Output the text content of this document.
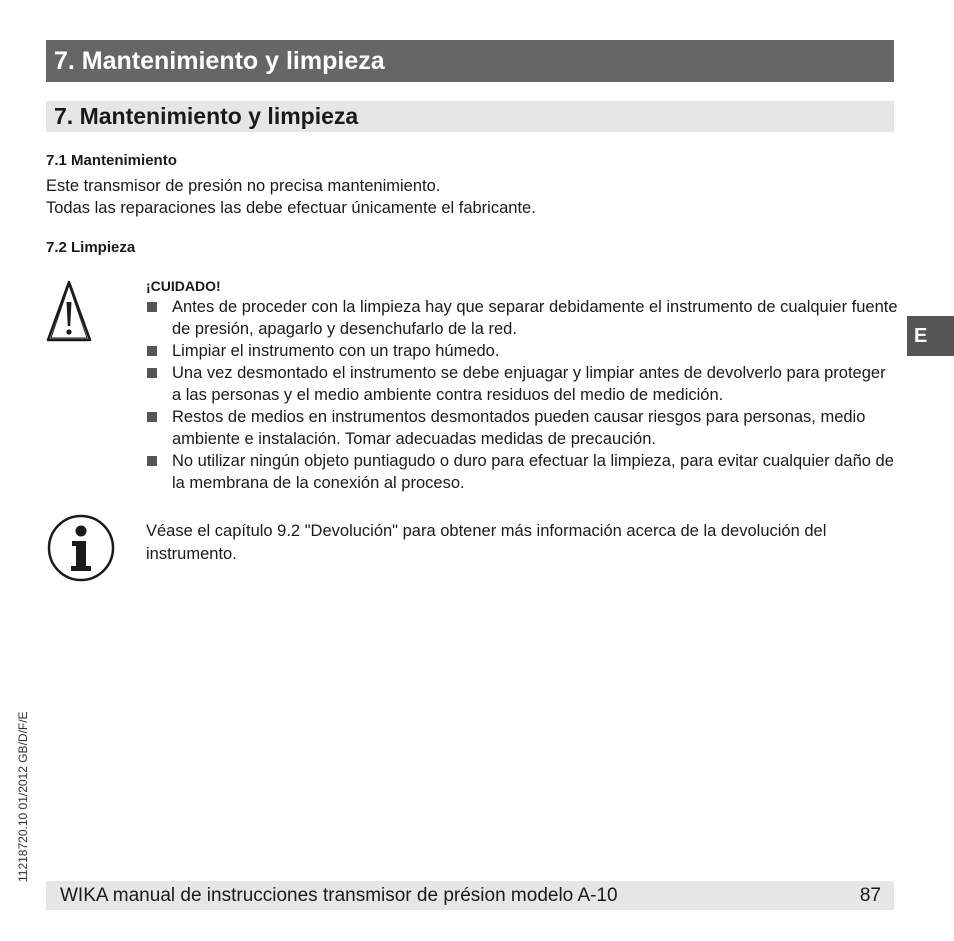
7. Mantenimiento y limpieza
7. Mantenimiento y limpieza
7.1 Mantenimiento
Este transmisor de presión no precisa mantenimiento.
Todas las reparaciones las debe efectuar únicamente el fabricante.
7.2 Limpieza
¡CUIDADO!
Antes de proceder con la limpieza hay que separar debidamente el instrumento de cualquier fuente de presión, apagarlo y desenchufarlo de la red.
Limpiar el instrumento con un trapo húmedo.
Una vez desmontado el instrumento se debe enjuagar y limpiar antes de devolverlo para proteger a las personas y el medio ambiente contra residuos del medio de medición.
Restos de medios en instrumentos desmontados pueden causar riesgos para personas, medio ambiente e instalación. Tomar adecuadas medidas de precaución.
No utilizar ningún objeto puntiagudo o duro para efectuar la limpieza, para evitar cualquier daño de la membrana de la conexión al proceso.
Véase el capítulo 9.2 "Devolución" para obtener más información acerca de la devolución del instrumento.
E
11218720.10 01/2012 GB/D/F/E
WIKA manual de instrucciones transmisor de présion modelo A-10	87
